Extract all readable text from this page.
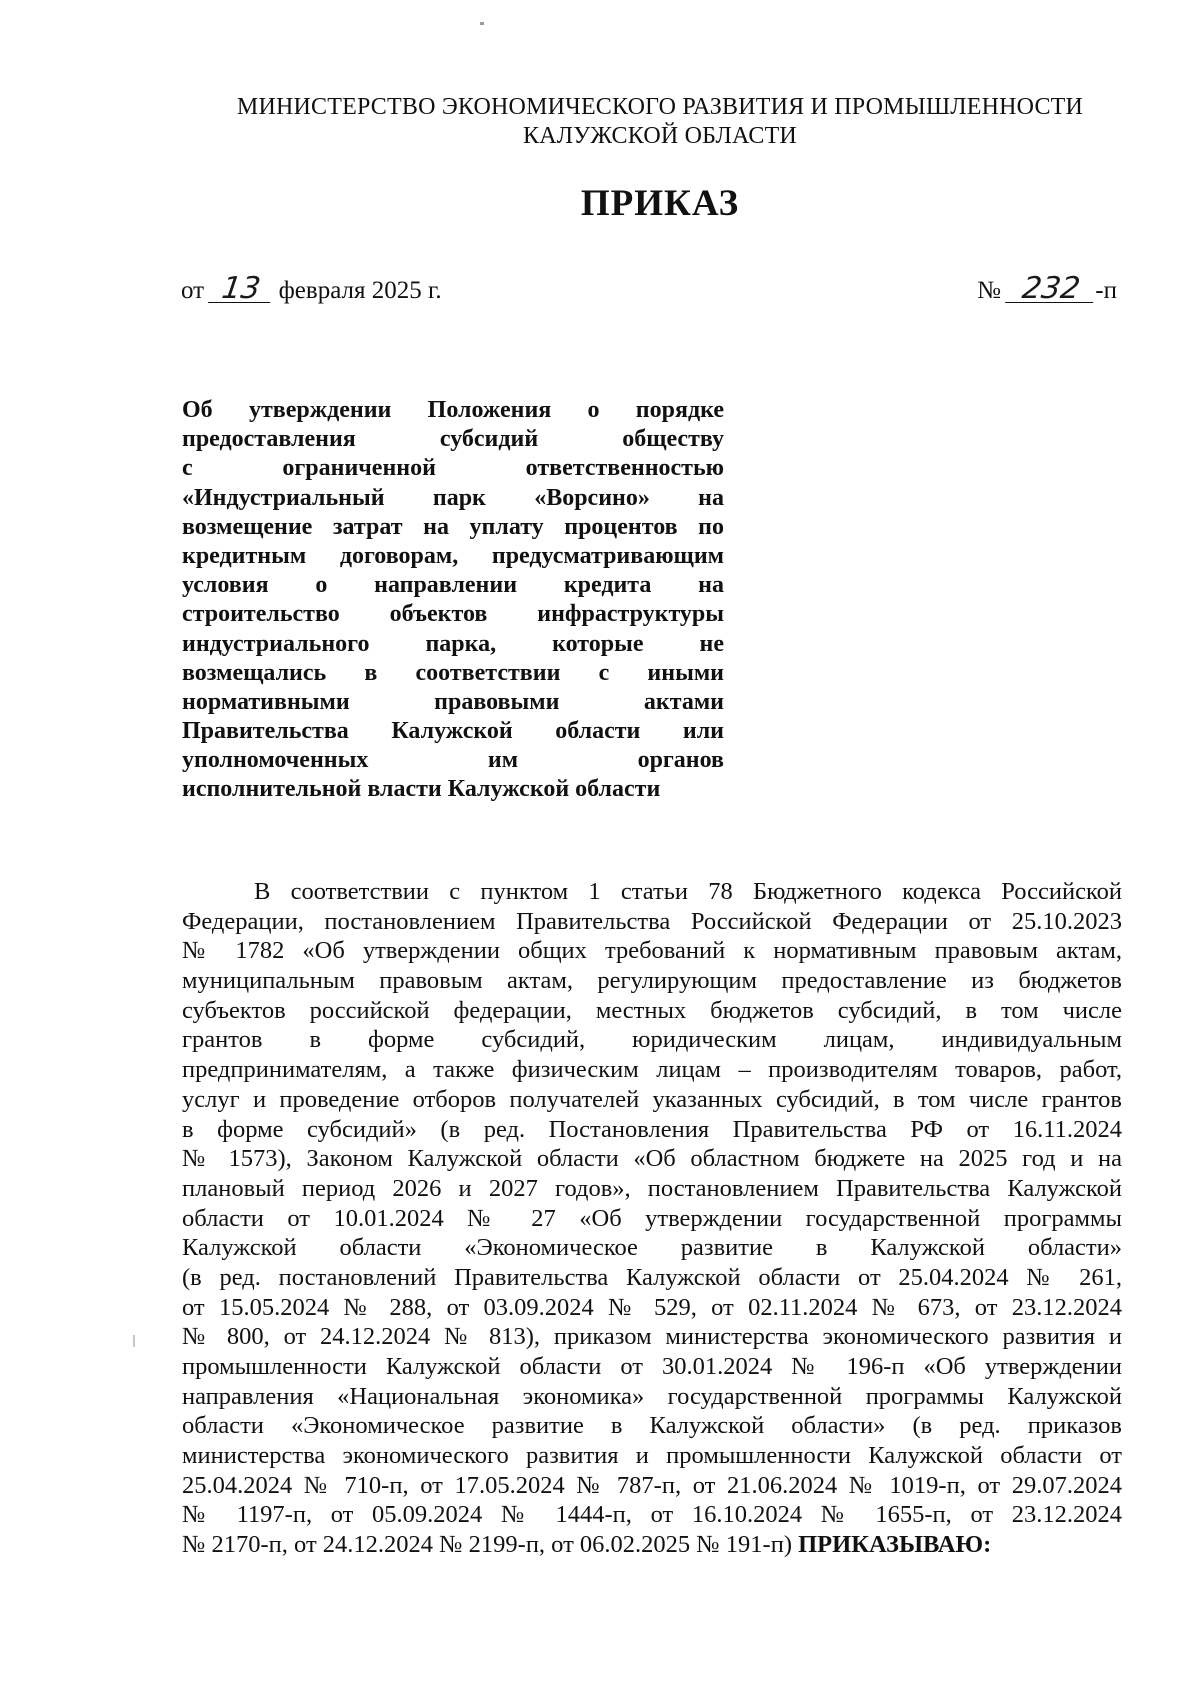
МИНИСТЕРСТВО ЭКОНОМИЧЕСКОГО РАЗВИТИЯ И ПРОМЫШЛЕННОСТИ
КАЛУЖСКОЙ ОБЛАСТИ
ПРИКАЗ
от 13 февраля 2025 г.	№ 232 -п
Об утверждении Положения о порядке
предоставления субсидий обществу
с ограниченной ответственностью
«Индустриальный парк «Ворсино» на
возмещение затрат на уплату процентов по
кредитным договорам, предусматривающим
условия о направлении кредита на
строительство объектов инфраструктуры
индустриального парка, которые не
возмещались в соответствии с иными
нормативными правовыми актами
Правительства Калужской области или
уполномоченных им органов
исполнительной власти Калужской области
В соответствии с пунктом 1 статьи 78 Бюджетного кодекса Российской
Федерации, постановлением Правительства Российской Федерации от 25.10.2023
№ 1782 «Об утверждении общих требований к нормативным правовым актам,
муниципальным правовым актам, регулирующим предоставление из бюджетов
субъектов российской федерации, местных бюджетов субсидий, в том числе
грантов в форме субсидий, юридическим лицам, индивидуальным
предпринимателям, а также физическим лицам – производителям товаров, работ,
услуг и проведение отборов получателей указанных субсидий, в том числе грантов
в форме субсидий» (в ред. Постановления Правительства РФ от 16.11.2024
№ 1573), Законом Калужской области «Об областном бюджете на 2025 год и на
плановый период 2026 и 2027 годов», постановлением Правительства Калужской
области от 10.01.2024 № 27 «Об утверждении государственной программы
Калужской области «Экономическое развитие в Калужской области»
(в ред. постановлений Правительства Калужской области от 25.04.2024 № 261,
от 15.05.2024 № 288, от 03.09.2024 № 529, от 02.11.2024 № 673, от 23.12.2024
№ 800, от 24.12.2024 № 813), приказом министерства экономического развития и
промышленности Калужской области от 30.01.2024 № 196-п «Об утверждении
направления «Национальная экономика» государственной программы Калужской
области «Экономическое развитие в Калужской области» (в ред. приказов
министерства экономического развития и промышленности Калужской области от
25.04.2024 № 710-п, от 17.05.2024 № 787-п, от 21.06.2024 № 1019-п, от 29.07.2024
№ 1197-п, от 05.09.2024 № 1444-п, от 16.10.2024 № 1655-п, от 23.12.2024
№ 2170-п, от 24.12.2024 № 2199-п, от 06.02.2025 № 191-п) ПРИКАЗЫВАЮ:
